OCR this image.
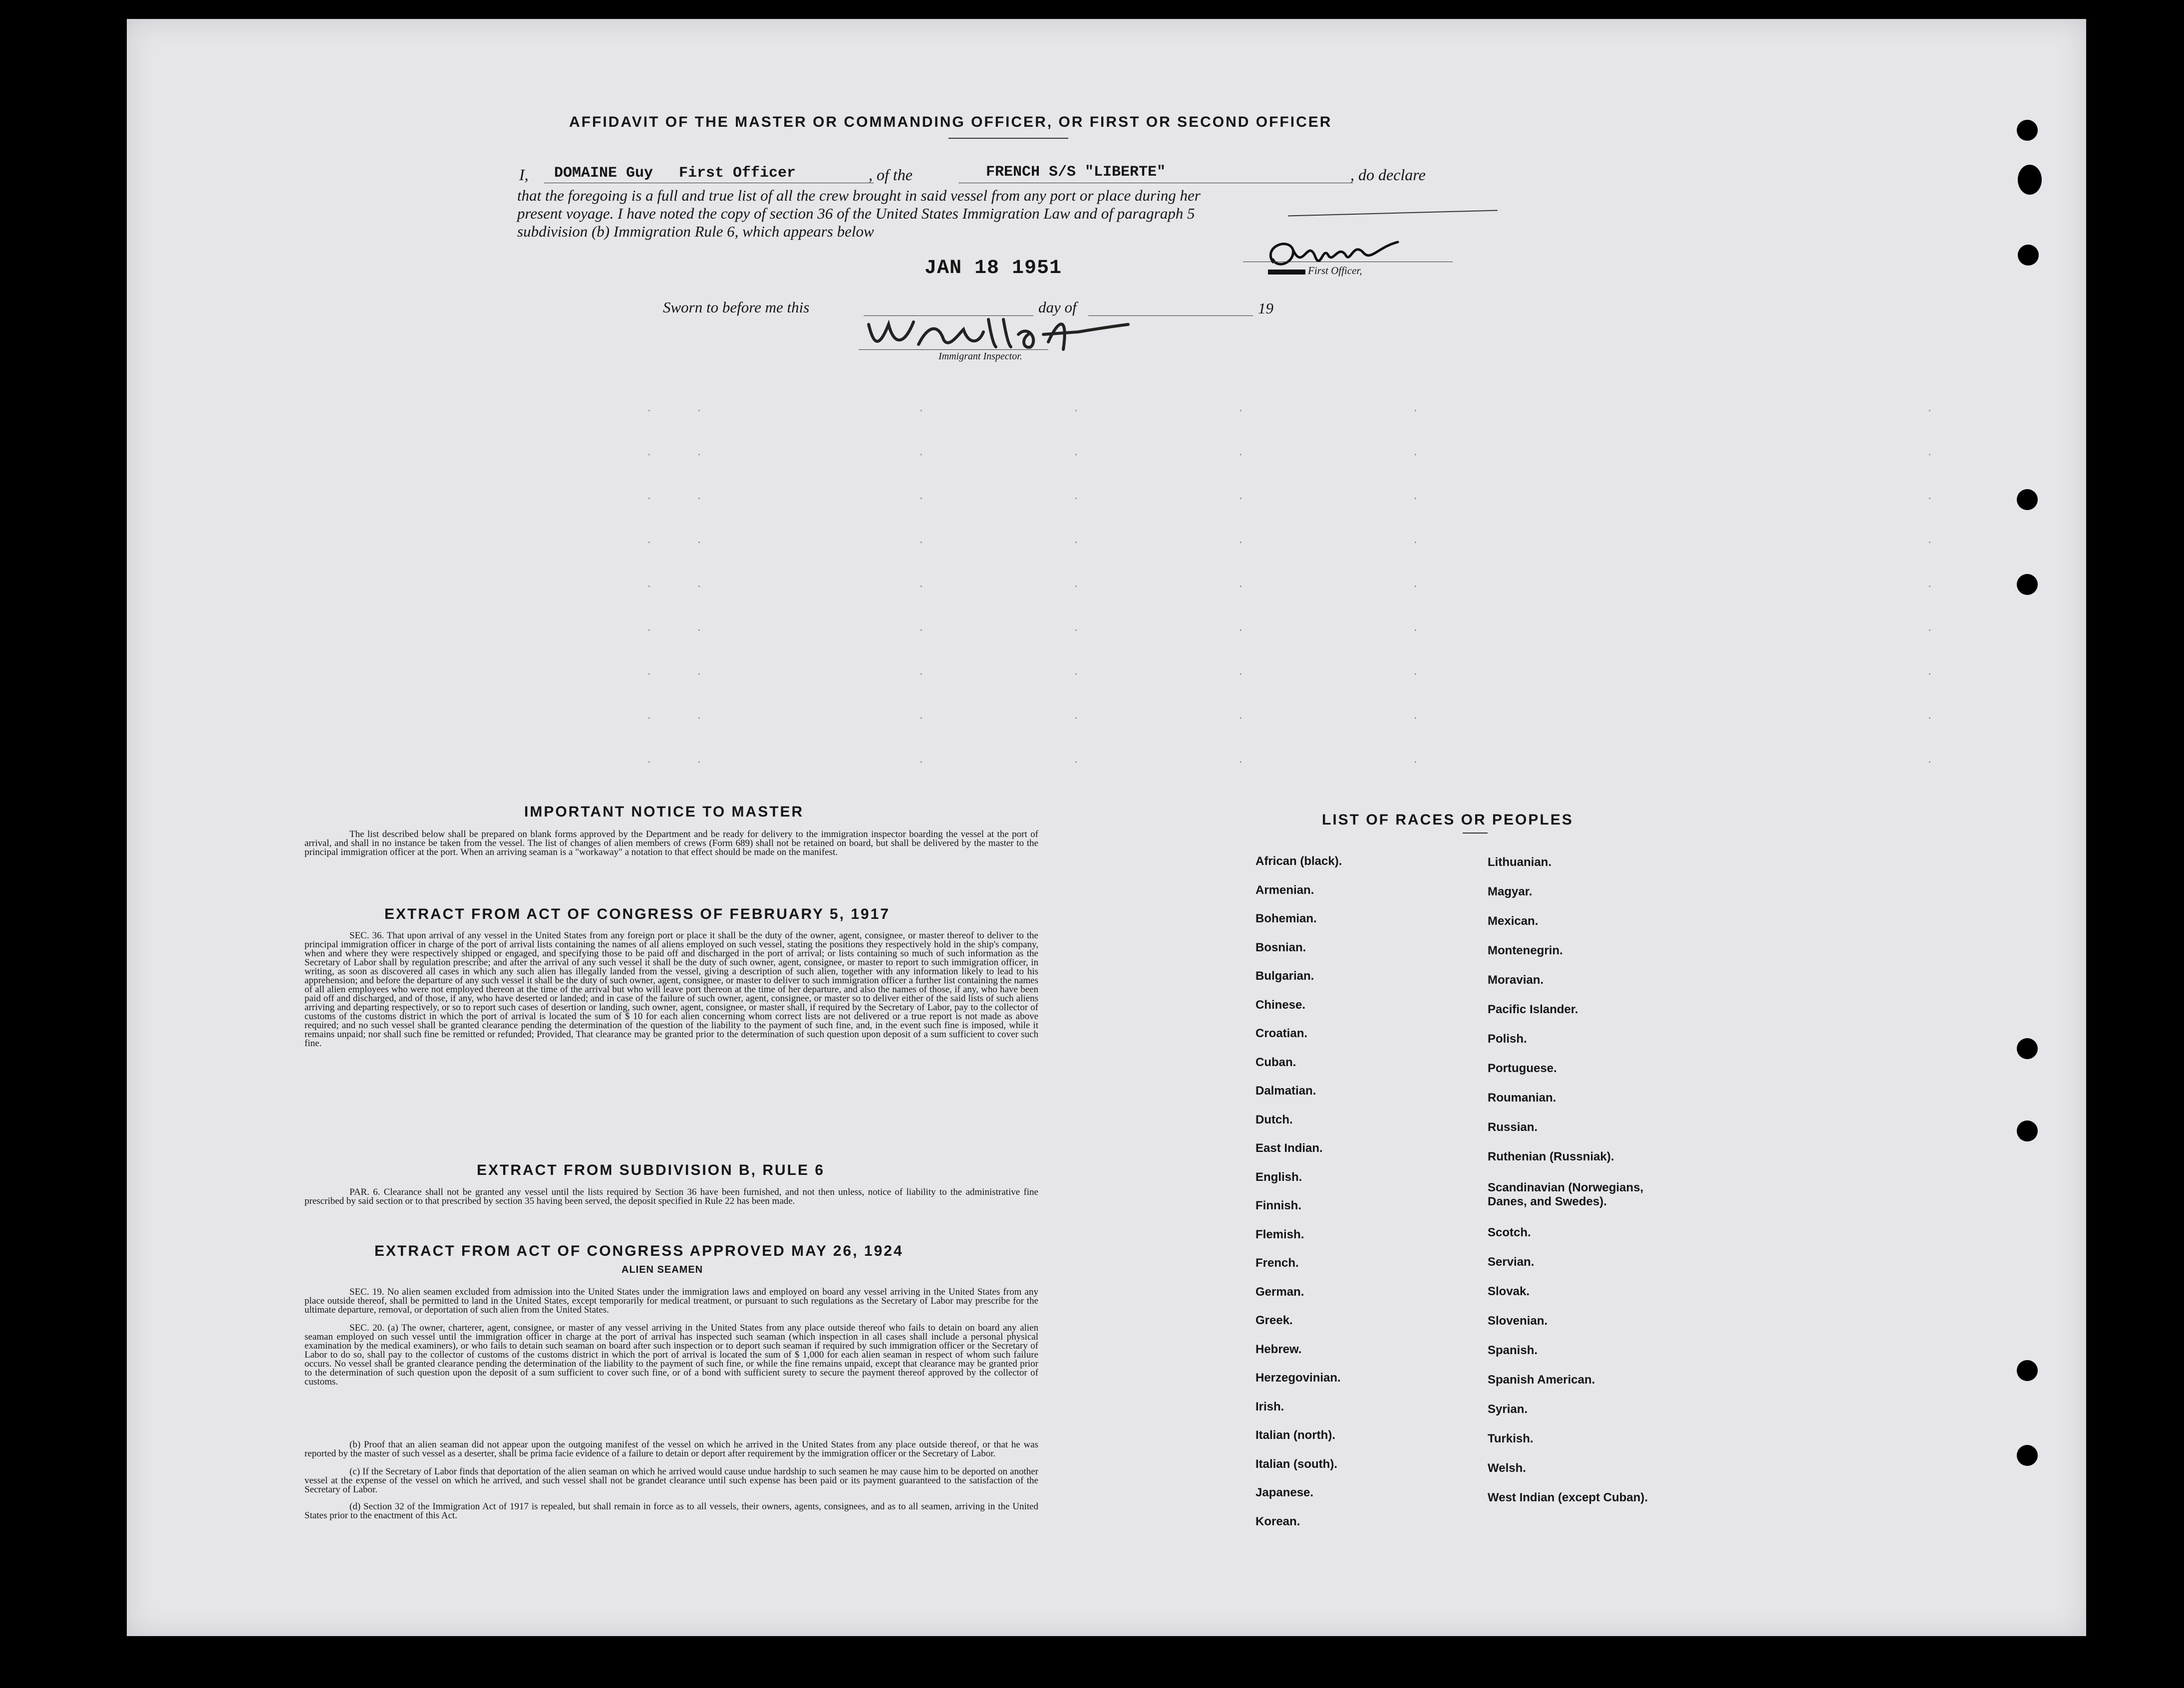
AFFIDAVIT OF THE MASTER OR COMMANDING OFFICER, OR FIRST OR SECOND OFFICER
I, DOMAINE Guy First Officer	, of the	FRENCH S/S "LIBERTE"	, do declare
that the foregoing is a full and true list of all the crew brought in said vessel from any port or place during her
present voyage. I have noted the copy of section 36 of the United States Immigration Law and of paragraph 5
subdivision (b) Immigration Rule 6, which appears below
JAN 18 1951	First Officer,
Sworn to before me this	day of	19
Immigrant Inspector.
·
·
·
·
·
·
·
·
·
·
·
·
·
·
·
·
·
·
·
·
·
·
·
·
·
·
·
·
·
·
·
·
·
·
·
·
·
·
·
·
·
·
·
·
·
·
·
·
·
·
·
·
·
·
·
·
·
·
·
·
·
·
·
IMPORTANT NOTICE TO MASTER
The list described below shall be prepared on blank forms approved by the Department and be ready for delivery to the immigration inspector boarding the vessel at the port of arrival, and shall in no instance be taken from the vessel. The list of changes of alien members of crews (Form 689) shall not be retained on board, but shall be delivered by the master to the principal immigration officer at the port. When an arriving seaman is a "workaway" a notation to that effect should be made on the manifest.
EXTRACT FROM ACT OF CONGRESS OF FEBRUARY 5, 1917
SEC. 36. That upon arrival of any vessel in the United States from any foreign port or place it shall be the duty of the owner, agent, consignee, or master thereof to deliver to the principal immigration officer in charge of the port of arrival lists containing the names of all aliens employed on such vessel, stating the positions they respectively hold in the ship's company, when and where they were respectively shipped or engaged, and specifying those to be paid off and discharged in the port of arrival; or lists containing so much of such information as the Secretary of Labor shall by regulation prescribe; and after the arrival of any such vessel it shall be the duty of such owner, agent, consignee, or master to report to such immigration officer, in writing, as soon as discovered all cases in which any such alien has illegally landed from the vessel, giving a description of such alien, together with any information likely to lead to his apprehension; and before the departure of any such vessel it shall be the duty of such owner, agent, consignee, or master to deliver to such immigration officer a further list containing the names of all alien employees who were not employed thereon at the time of the arrival but who will leave port thereon at the time of her departure, and also the names of those, if any, who have been paid off and discharged, and of those, if any, who have deserted or landed; and in case of the failure of such owner, agent, consignee, or master so to deliver either of the said lists of such aliens arriving and departing respectively, or so to report such cases of desertion or landing, such owner, agent, consignee, or master shall, if required by the Secretary of Labor, pay to the collector of customs of the customs district in which the port of arrival is located the sum of $ 10 for each alien concerning whom correct lists are not delivered or a true report is not made as above required; and no such vessel shall be granted clearance pending the determination of the question of the liability to the payment of such fine, and, in the event such fine is imposed, while it remains unpaid; nor shall such fine be remitted or refunded; Provided, That clearance may be granted prior to the determination of such question upon deposit of a sum sufficient to cover such fine.
EXTRACT FROM SUBDIVISION B, RULE 6
PAR. 6. Clearance shall not be granted any vessel until the lists required by Section 36 have been furnished, and not then unless, notice of liability to the administrative fine prescribed by said section or to that prescribed by section 35 having been served, the deposit specified in Rule 22 has been made.
EXTRACT FROM ACT OF CONGRESS APPROVED MAY 26, 1924
ALIEN SEAMEN
SEC. 19. No alien seamen excluded from admission into the United States under the immigration laws and employed on board any vessel arriving in the United States from any place outside thereof, shall be permitted to land in the United States, except temporarily for medical treatment, or pursuant to such regulations as the Secretary of Labor may prescribe for the ultimate departure, removal, or deportation of such alien from the United States.
SEC. 20. (a) The owner, charterer, agent, consignee, or master of any vessel arriving in the United States from any place outside thereof who fails to detain on board any alien seaman employed on such vessel until the immigration officer in charge at the port of arrival has inspected such seaman (which inspection in all cases shall include a personal physical examination by the medical examiners), or who fails to detain such seaman on board after such inspection or to deport such seaman if required by such immigration officer or the Secretary of Labor to do so, shall pay to the collector of customs of the customs district in which the port of arrival is located the sum of $ 1,000 for each alien seaman in respect of whom such failure occurs. No vessel shall be granted clearance pending the determination of the liability to the payment of such fine, or while the fine remains unpaid, except that clearance may be granted prior to the determination of such question upon the deposit of a sum sufficient to cover such fine, or of a bond with sufficient surety to secure the payment thereof approved by the collector of customs.
(b) Proof that an alien seaman did not appear upon the outgoing manifest of the vessel on which he arrived in the United States from any place outside thereof, or that he was reported by the master of such vessel as a deserter, shall be prima facie evidence of a failure to detain or deport after requirement by the immigration officer or the Secretary of Labor.
(c) If the Secretary of Labor finds that deportation of the alien seaman on which he arrived would cause undue hardship to such seamen he may cause him to be deported on another vessel at the expense of the vessel on which he arrived, and such vessel shall not be grandet clearance until such expense has been paid or its payment guaranteed to the satisfaction of the Secretary of Labor.
(d) Section 32 of the Immigration Act of 1917 is repealed, but shall remain in force as to all vessels, their owners, agents, consignees, and as to all seamen, arriving in the United States prior to the enactment of this Act.
LIST OF RACES OR PEOPLES
African (black).
Armenian.
Bohemian.
Bosnian.
Bulgarian.
Chinese.
Croatian.
Cuban.
Dalmatian.
Dutch.
East Indian.
English.
Finnish.
Flemish.
French.
German.
Greek.
Hebrew.
Herzegovinian.
Irish.
Italian (north).
Italian (south).
Japanese.
Korean.
Lithuanian.
Magyar.
Mexican.
Montenegrin.
Moravian.
Pacific Islander.
Polish.
Portuguese.
Roumanian.
Russian.
Ruthenian (Russniak).
Scandinavian (Norwegians, Danes, and Swedes).
Scotch.
Servian.
Slovak.
Slovenian.
Spanish.
Spanish American.
Syrian.
Turkish.
Welsh.
West Indian (except Cuban).
